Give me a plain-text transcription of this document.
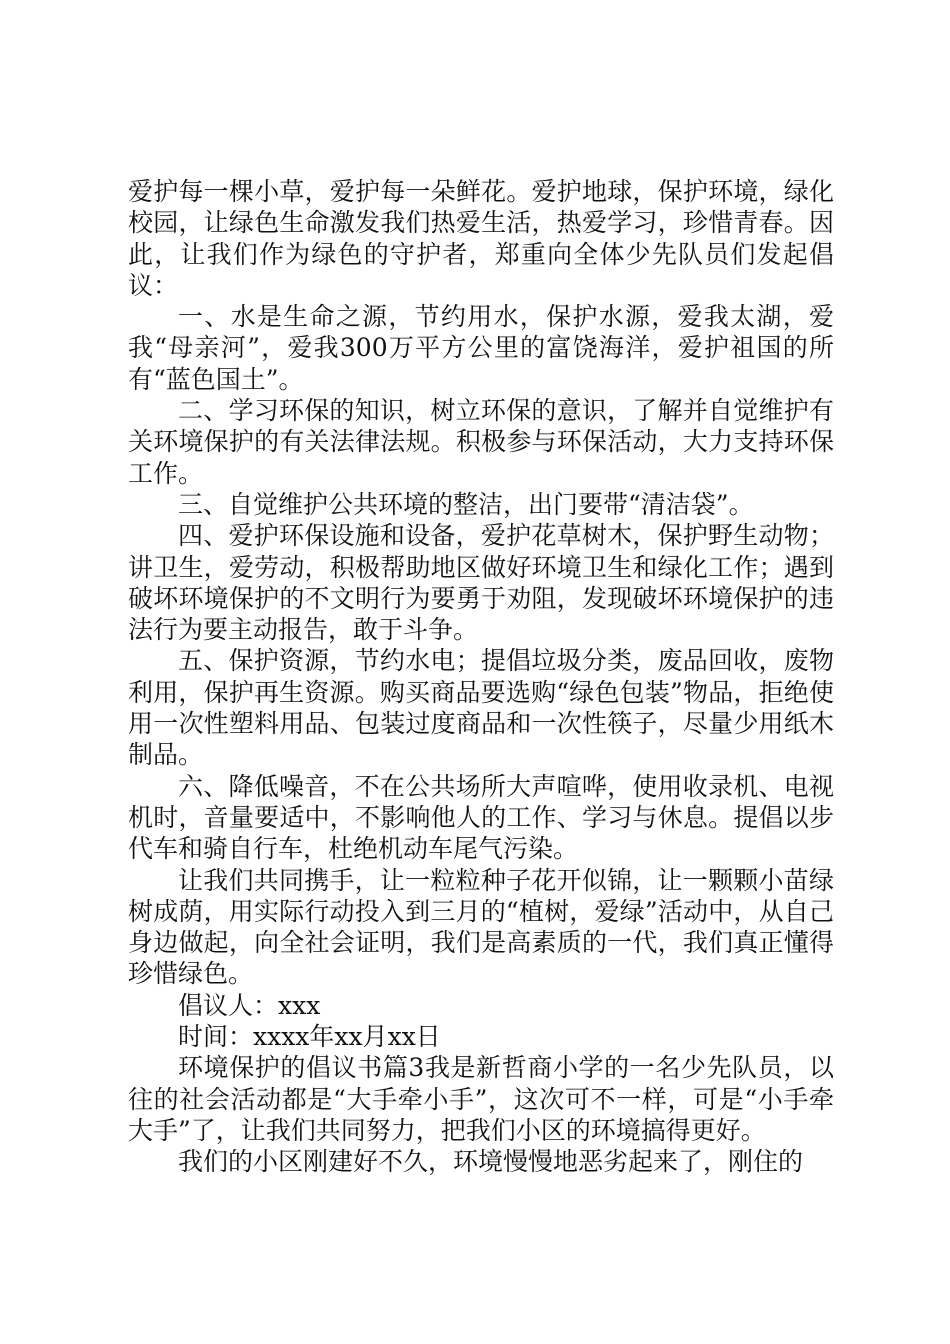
爱护每一棵小草，爱护每一朵鲜花。爱护地球，保护环境，绿化校园，让绿色生命激发我们热爱生活，热爱学习，珍惜青春。因此，让我们作为绿色的守护者，郑重向全体少先队员们发起倡议：

一、水是生命之源，节约用水，保护水源，爱我太湖，爱我“母亲河”，爱我300万平方公里的富饶海洋，爱护祖国的所有“蓝色国土”。

二、学习环保的知识，树立环保的意识，了解并自觉维护有关环境保护的有关法律法规。积极参与环保活动，大力支持环保工作。

三、自觉维护公共环境的整洁，出门要带“清洁袋”。

四、爱护环保设施和设备，爱护花草树木，保护野生动物；讲卫生，爱劳动，积极帮助地区做好环境卫生和绿化工作；遇到破坏环境保护的不文明行为要勇于劝阻，发现破坏环境保护的违法行为要主动报告，敢于斗争。

五、保护资源，节约水电；提倡垃圾分类，废品回收，废物利用，保护再生资源。购买商品要选购“绿色包装”物品，拒绝使用一次性塑料用品、包装过度商品和一次性筷子，尽量少用纸木制品。

六、降低噪音，不在公共场所大声喧哗，使用收录机、电视机时，音量要适中，不影响他人的工作、学习与休息。提倡以步代车和骑自行车，杜绝机动车尾气污染。

让我们共同携手，让一粒粒种子花开似锦，让一颗颗小苗绿树成荫，用实际行动投入到三月的“植树，爱绿”活动中，从自己身边做起，向全社会证明，我们是高素质的一代，我们真正懂得珍惜绿色。

倡议人：xxx

时间：xxxx年xx月xx日

环境保护的倡议书篇3我是新哲商小学的一名少先队员，以往的社会活动都是“大手牵小手”，这次可不一样，可是“小手牵大手”了，让我们共同努力，把我们小区的环境搞得更好。

我们的小区刚建好不久，环境慢慢地恶劣起来了，刚住的
